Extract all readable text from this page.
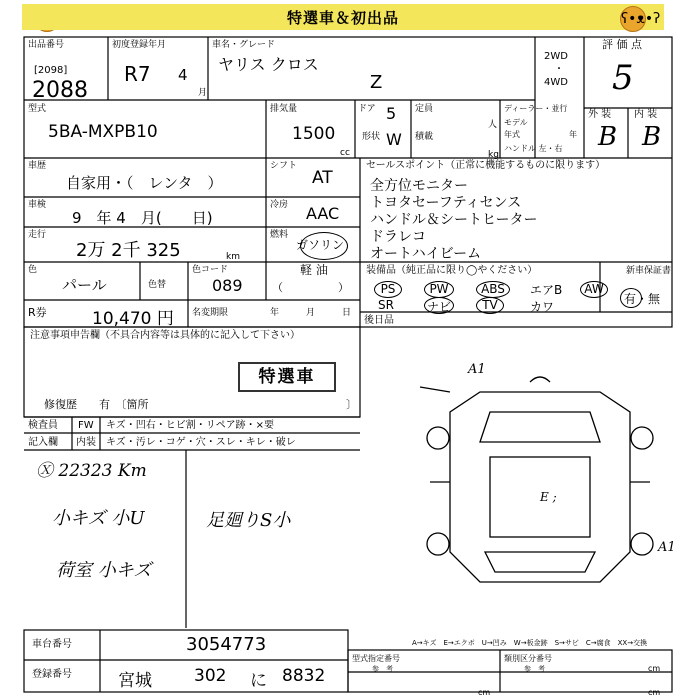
特選車＆初出品	ʕ•ᴥ•ʔ
出品番号
[2098]
2088
初度登録年月
R7 4
月
車名・グレード
ヤリス クロス
Z
2WD
・
4WD
評 価 点
5
外 装 内 装
B B
型式
5BA-MXPB10
排気量
1500
cc
ドア 5
形状 W
定員
人
積載
kg
ディーラー・並行
モデル
年式	年
ハンドル 左・右
車歴
自家用・（　レンタ　）
シフト
AT
車検
9　年 4　月(　　日)
冷房 AAC
走行
2万 2千 325	km
燃料
ガソリン
軽 油
（　　　　　）
色
パール	色替
色コード
089
R券	10,470 円 名変期限	年	月	日
セールスポイント（正常に機能するものに限ります）
全方位モニター
トヨタセーフティセンス
ハンドル＆シートヒーター
ドラレコ
オートハイビーム
装備品（純正品に限り◯やください）
PS	PW	ABS	エアB	AW
SR	ナビ	TV	カワ
新車保証書
有・無
後日品
注意事項申告欄（不具合内容等は具体的に記入して下さい）
特選車
修復歴　　有　〔箇所	〕
検査員
記入欄
FW キズ・凹右・ヒビ割・リペア跡・×要
内装 キズ・汚レ・コゲ・穴・スレ・キレ・破レ
Ⓧ 22323 Km
小キズ 小U	足廻りS小
荷室 小キズ
A1
A1
E ;
A→キズ　E→エクボ　U→凹み　W→板金跡　S→サビ　C→腐食　XX→交換
車台番号	3054773
登録番号	宮城 302 に 8832
型式指定番号
参　考
cm
類別区分番号
参　考
cm
cm
